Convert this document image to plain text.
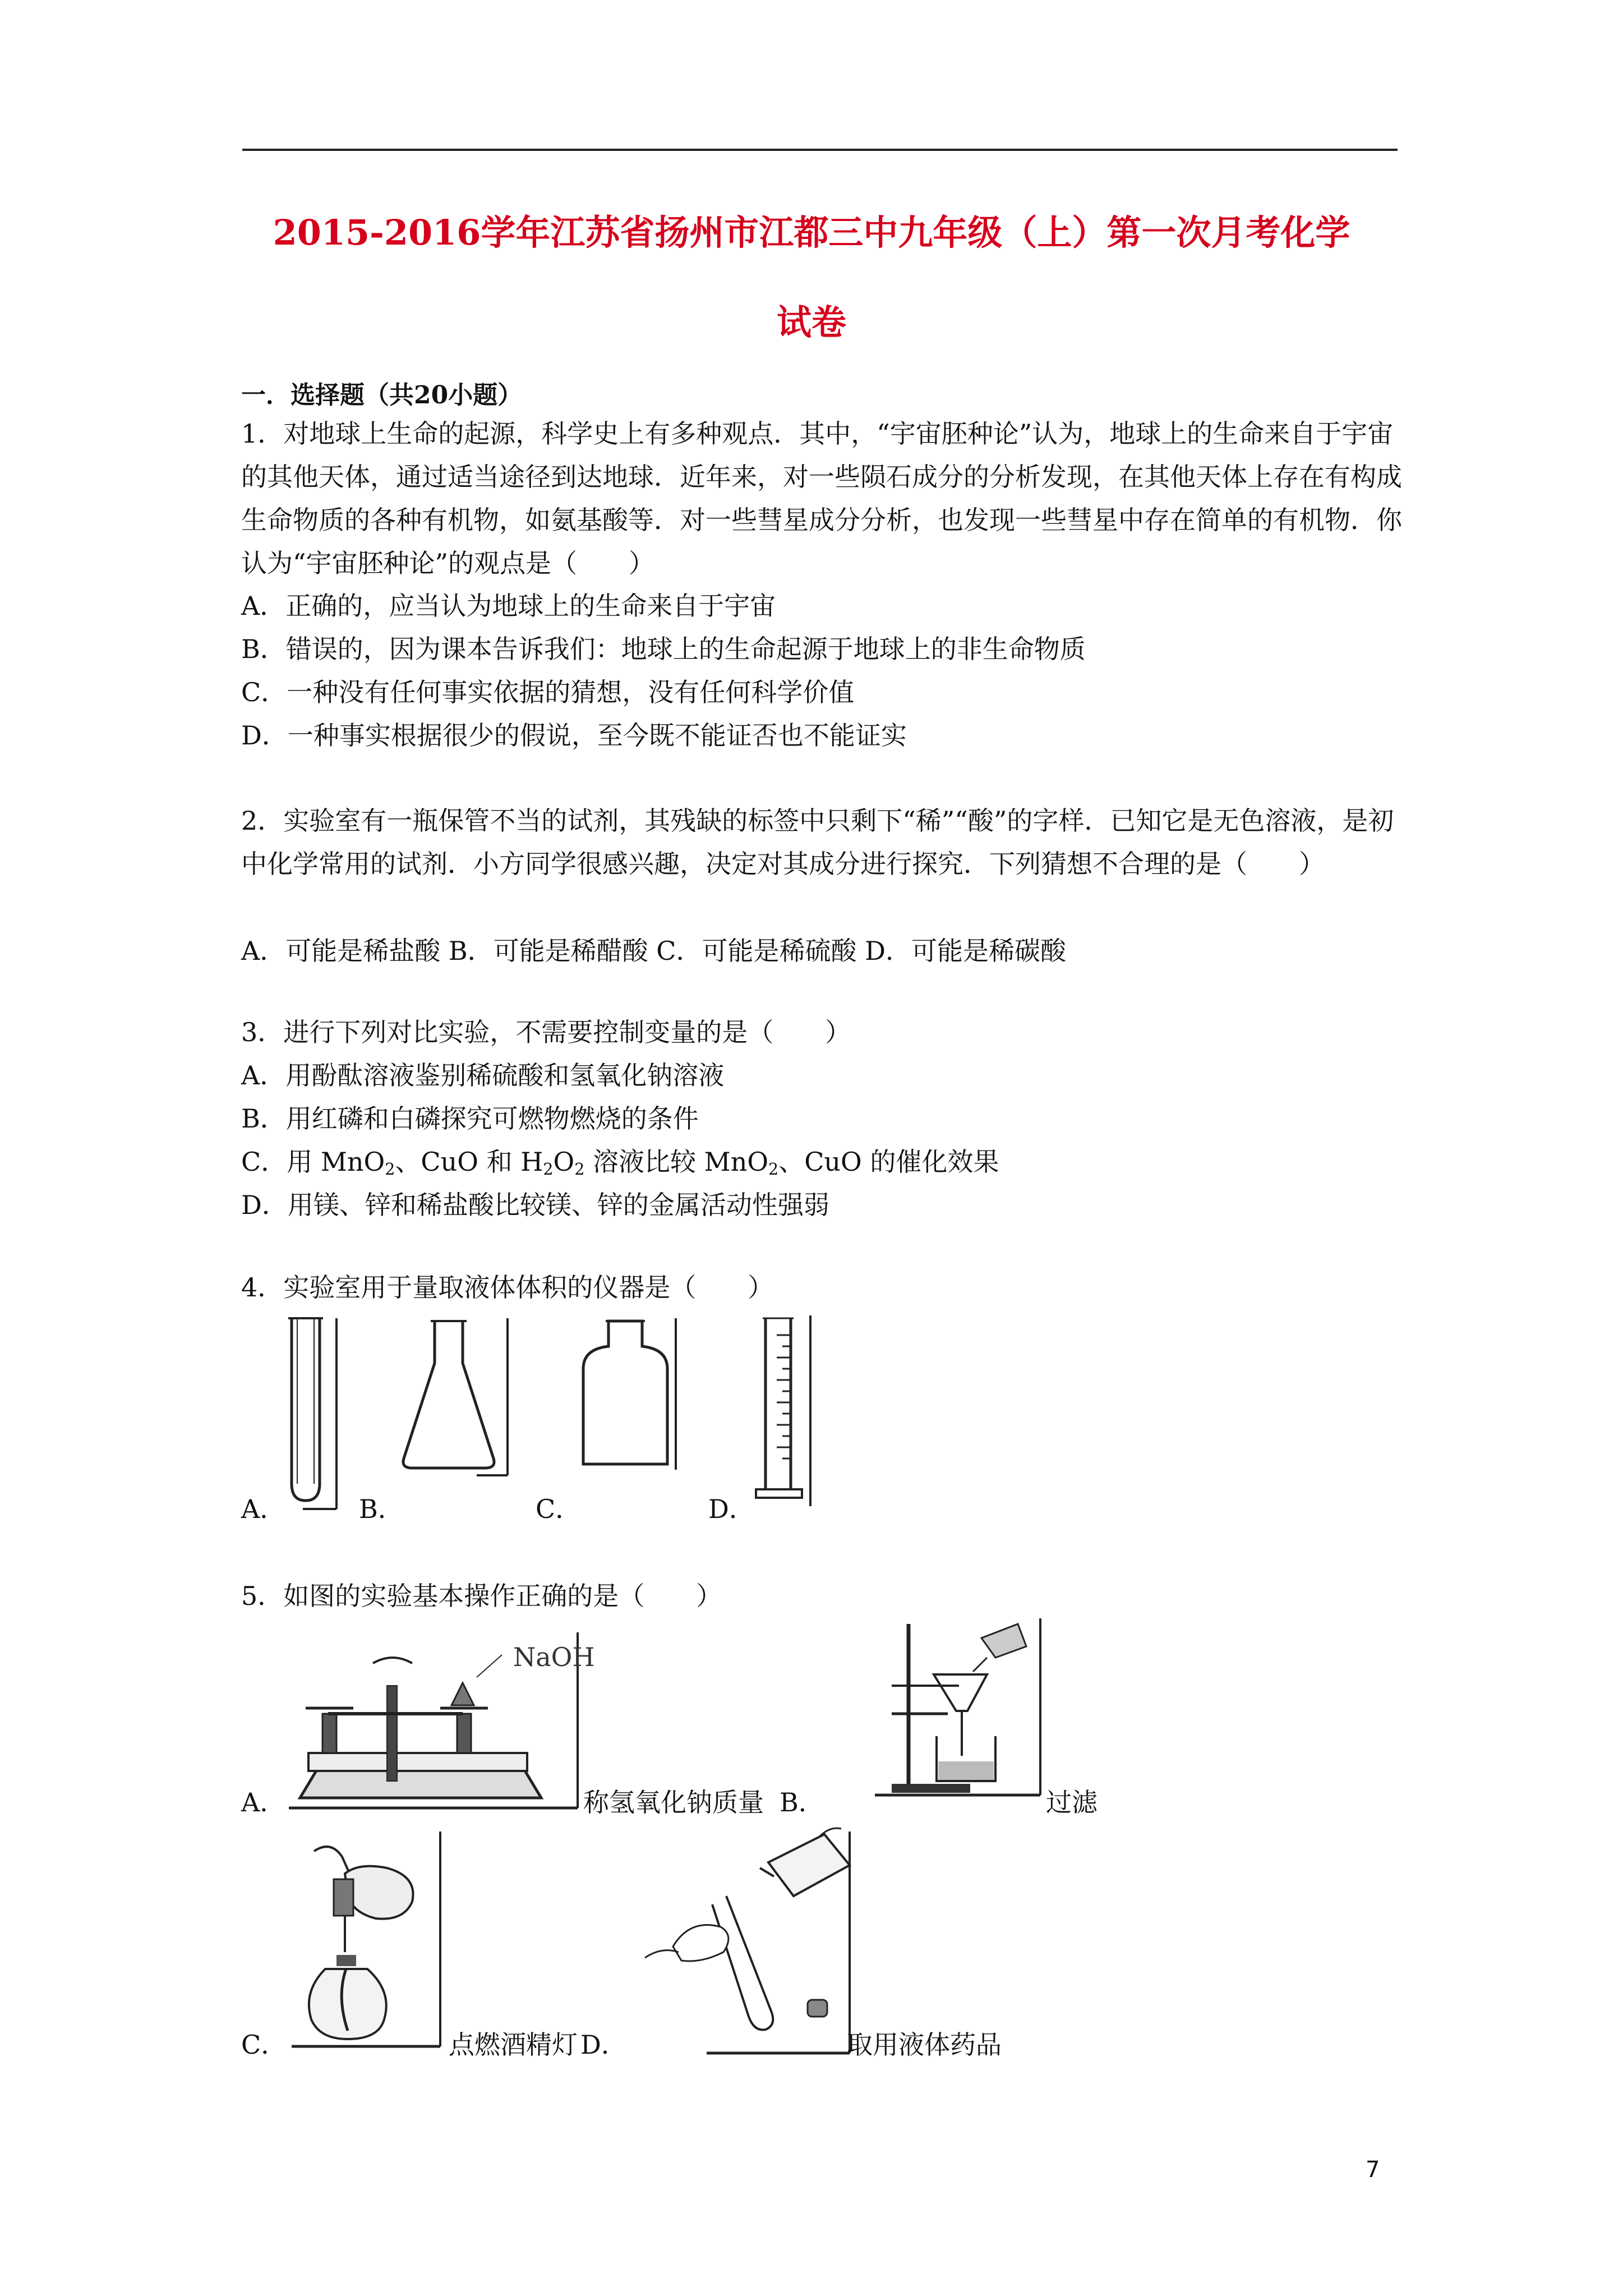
2015-2016学年江苏省扬州市江都三中九年级（上）第一次月考化学
试卷
一．选择题（共20小题）
1．对地球上生命的起源，科学史上有多种观点．其中，“宇宙胚种论”认为，地球上的生命来自于宇宙的其他天体，通过适当途径到达地球．近年来，对一些陨石成分的分析发现，在其他天体上存在有构成生命物质的各种有机物，如氨基酸等．对一些彗星成分分析，也发现一些彗星中存在简单的有机物．你认为“宇宙胚种论”的观点是（　　）
A．正确的，应当认为地球上的生命来自于宇宙
B．错误的，因为课本告诉我们：地球上的生命起源于地球上的非生命物质
C．一种没有任何事实依据的猜想，没有任何科学价值
D．一种事实根据很少的假说，至今既不能证否也不能证实
2．实验室有一瓶保管不当的试剂，其残缺的标签中只剩下“稀”“酸”的字样．已知它是无色溶液，是初中化学常用的试剂．小方同学很感兴趣，决定对其成分进行探究．下列猜想不合理的是（　　）
A．可能是稀盐酸 B．可能是稀醋酸 C．可能是稀硫酸 D．可能是稀碳酸
3．进行下列对比实验，不需要控制变量的是（　　）
A．用酚酞溶液鉴别稀硫酸和氢氧化钠溶液
B．用红磷和白磷探究可燃物燃烧的条件
C．用 MnO$_2$、CuO 和 $H_2O_2$ 溶液比较 MnO$_2$、CuO 的催化效果
D．用镁、锌和稀盐酸比较镁、锌的金属活动性强弱
4．实验室用于量取液体体积的仪器是（　　）
A．	B．	C．	D．
5．如图的实验基本操作正确的是（　　）
NaOH
A．	称氢氧化钠质量 B．	过滤
C．	点燃酒精灯 D．	取用液体药品
7
